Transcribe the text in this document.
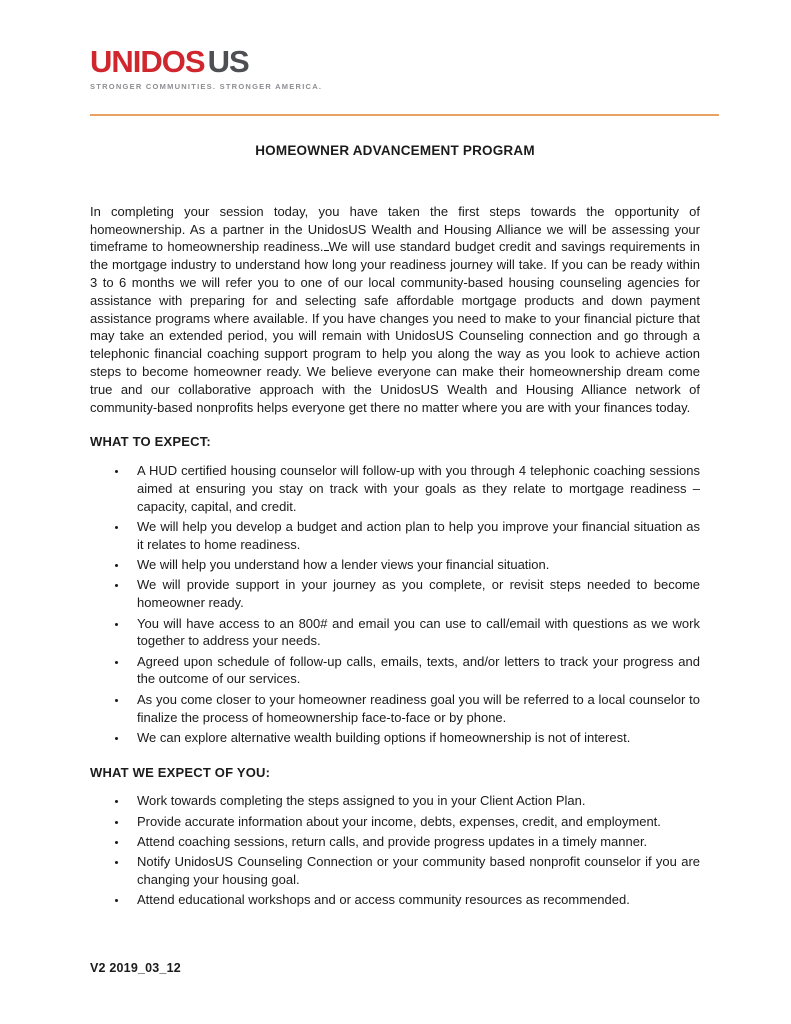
UNIDOSUS
STRONGER COMMUNITIES. STRONGER AMERICA.
HOMEOWNER ADVANCEMENT PROGRAM

In completing your session today, you have taken the first steps towards the opportunity of homeownership. As a partner in the UnidosUS Wealth and Housing Alliance we will be assessing your timeframe to homeownership readiness. We will use standard budget credit and savings requirements in the mortgage industry to understand how long your readiness journey will take. If you can be ready within 3 to 6 months we will refer you to one of our local community-based housing counseling agencies for assistance with preparing for and selecting safe affordable mortgage products and down payment assistance programs where available. If you have changes you need to make to your financial picture that may take an extended period, you will remain with UnidosUS Counseling connection and go through a telephonic financial coaching support program to help you along the way as you look to achieve action steps to become homeowner ready. We believe everyone can make their homeownership dream come true and our collaborative approach with the UnidosUS Wealth and Housing Alliance network of community-based nonprofits helps everyone get there no matter where you are with your finances today.

WHAT TO EXPECT:
• A HUD certified housing counselor will follow-up with you through 4 telephonic coaching sessions aimed at ensuring you stay on track with your goals as they relate to mortgage readiness – capacity, capital, and credit.
• We will help you develop a budget and action plan to help you improve your financial situation as it relates to home readiness.
• We will help you understand how a lender views your financial situation.
• We will provide support in your journey as you complete, or revisit steps needed to become homeowner ready.
• You will have access to an 800# and email you can use to call/email with questions as we work together to address your needs.
• Agreed upon schedule of follow-up calls, emails, texts, and/or letters to track your progress and the outcome of our services.
• As you come closer to your homeowner readiness goal you will be referred to a local counselor to finalize the process of homeownership face-to-face or by phone.
• We can explore alternative wealth building options if homeownership is not of interest.
WHAT WE EXPECT OF YOU:
• Work towards completing the steps assigned to you in your Client Action Plan.
• Provide accurate information about your income, debts, expenses, credit, and employment.
• Attend coaching sessions, return calls, and provide progress updates in a timely manner.
• Notify UnidosUS Counseling Connection or your community based nonprofit counselor if you are changing your housing goal.
• Attend educational workshops and or access community resources as recommended.
V2 2019_03_12
